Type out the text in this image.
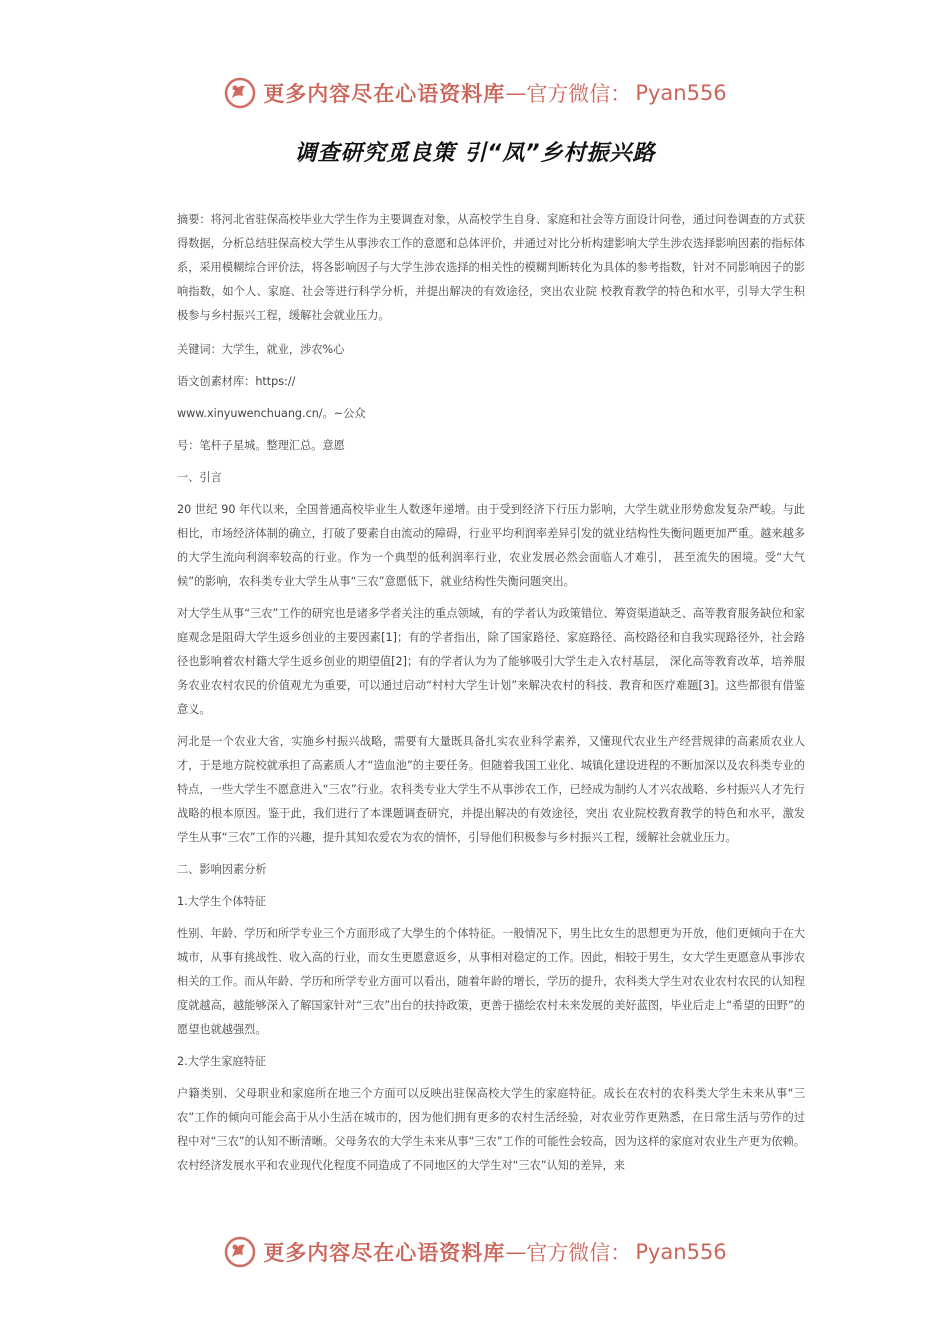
更多内容尽在心语资料库 — 官方微信： Pyan556
调查研究觅良策 引“凤”乡村振兴路

摘要：将河北省驻保高校毕业大学生作为主要调查对象，从高校学生自身、家庭和社会等方面设计问卷，通过问卷调查的方式获得数据，分析总结驻保高校大学生从事涉农工作的意愿和总体评价，并通过对比分析构建影响大学生涉农选择影响因素的指标体系，采用模糊综合评价法，将各影响因子与大学生涉农选择的相关性的模糊判断转化为具体的参考指数，针对不同影响因子的影响指数，如个人、家庭、社会等进行科学分析，并提出解决的有效途径，突出农业院 校教育教学的特色和水平，引导大学生积极参与乡村振兴工程，缓解社会就业压力。

关键词：大学生，就业，涉农%心

语文创素材库：https://

www.xinyuwenchuang.cn/。~公众

号：笔杆子星城。整理汇总。意愿

一、引言

20 世纪 90 年代以来，全国普通高校毕业生人数逐年递增。由于受到经济下行压力影响，大学生就业形势愈发复杂严峻。与此相比，市场经济体制的确立，打破了要素自由流动的障碍，行业平均利润率差异引发的就业结构性失衡问题更加严重。越来越多的大学生流向利润率较高的行业。作为一个典型的低利润率行业，农业发展必然会面临人才难引， 甚至流失的困境。受“大气候”的影响，农科类专业大学生从事“三农”意愿低下，就业结构性失衡问题突出。

对大学生从事“三农”工作的研究也是诸多学者关注的重点领域，有的学者认为政策错位、筹资渠道缺乏、高等教育服务缺位和家庭观念是阻碍大学生返乡创业的主要因素[1]；有的学者指出，除了国家路径、家庭路径、高校路径和自我实现路径外，社会路径也影响着农村籍大学生返乡创业的期望值[2]；有的学者认为为了能够吸引大学生走入农村基层， 深化高等教育改革，培养服务农业农村农民的价值观尤为重要，可以通过启动“村村大学生计划”来解决农村的科技、教育和医疗难题[3]。这些都很有借鉴意义。

河北是一个农业大省，实施乡村振兴战略，需要有大量既具备扎实农业科学素养，又懂现代农业生产经营规律的高素质农业人才，于是地方院校就承担了高素质人才“造血池”的主要任务。但随着我国工业化、城镇化建设进程的不断加深以及农科类专业的特点，一些大学生不愿意进入“三农”行业。农科类专业大学生不从事涉农工作，已经成为制约人才兴农战略、乡村振兴人才先行战略的根本原因。鉴于此，我们进行了本课题调查研究，并提出解决的有效途径，突出 农业院校教育教学的特色和水平，激发学生从事“三农”工作的兴趣，提升其知农爱农为农的情怀，引导他们积极参与乡村振兴工程，缓解社会就业压力。

二、影响因素分析

1.大学生个体特征

性别、年龄、学历和所学专业三个方面形成了大學生的个体特征。一般情况下，男生比女生的思想更为开放，他们更倾向于在大城市，从事有挑战性、收入高的行业，而女生更愿意返乡，从事相对稳定的工作。因此，相较于男生，女大学生更愿意从事涉农相关的工作。而从年龄、学历和所学专业方面可以看出，随着年龄的增长，学历的提升，农科类大学生对农业农村农民的认知程度就越高，越能够深入了解国家针对“三农”出台的扶持政策，更善于描绘农村未来发展的美好蓝图，毕业后走上“希望的田野”的愿望也就越强烈。

2.大学生家庭特征

户籍类别、父母职业和家庭所在地三个方面可以反映出驻保高校大学生的家庭特征。成长在农村的农科类大学生未来从事“三农”工作的倾向可能会高于从小生活在城市的，因为他们拥有更多的农村生活经验，对农业劳作更熟悉，在日常生活与劳作的过程中对“三农”的认知不断清晰。父母务农的大学生未来从事“三农”工作的可能性会较高，因为这样的家庭对农业生产更为依赖。农村经济发展水平和农业现代化程度不同造成了不同地区的大学生对“三农”认知的差异，来

更多内容尽在心语资料库 — 官方微信： Pyan556
